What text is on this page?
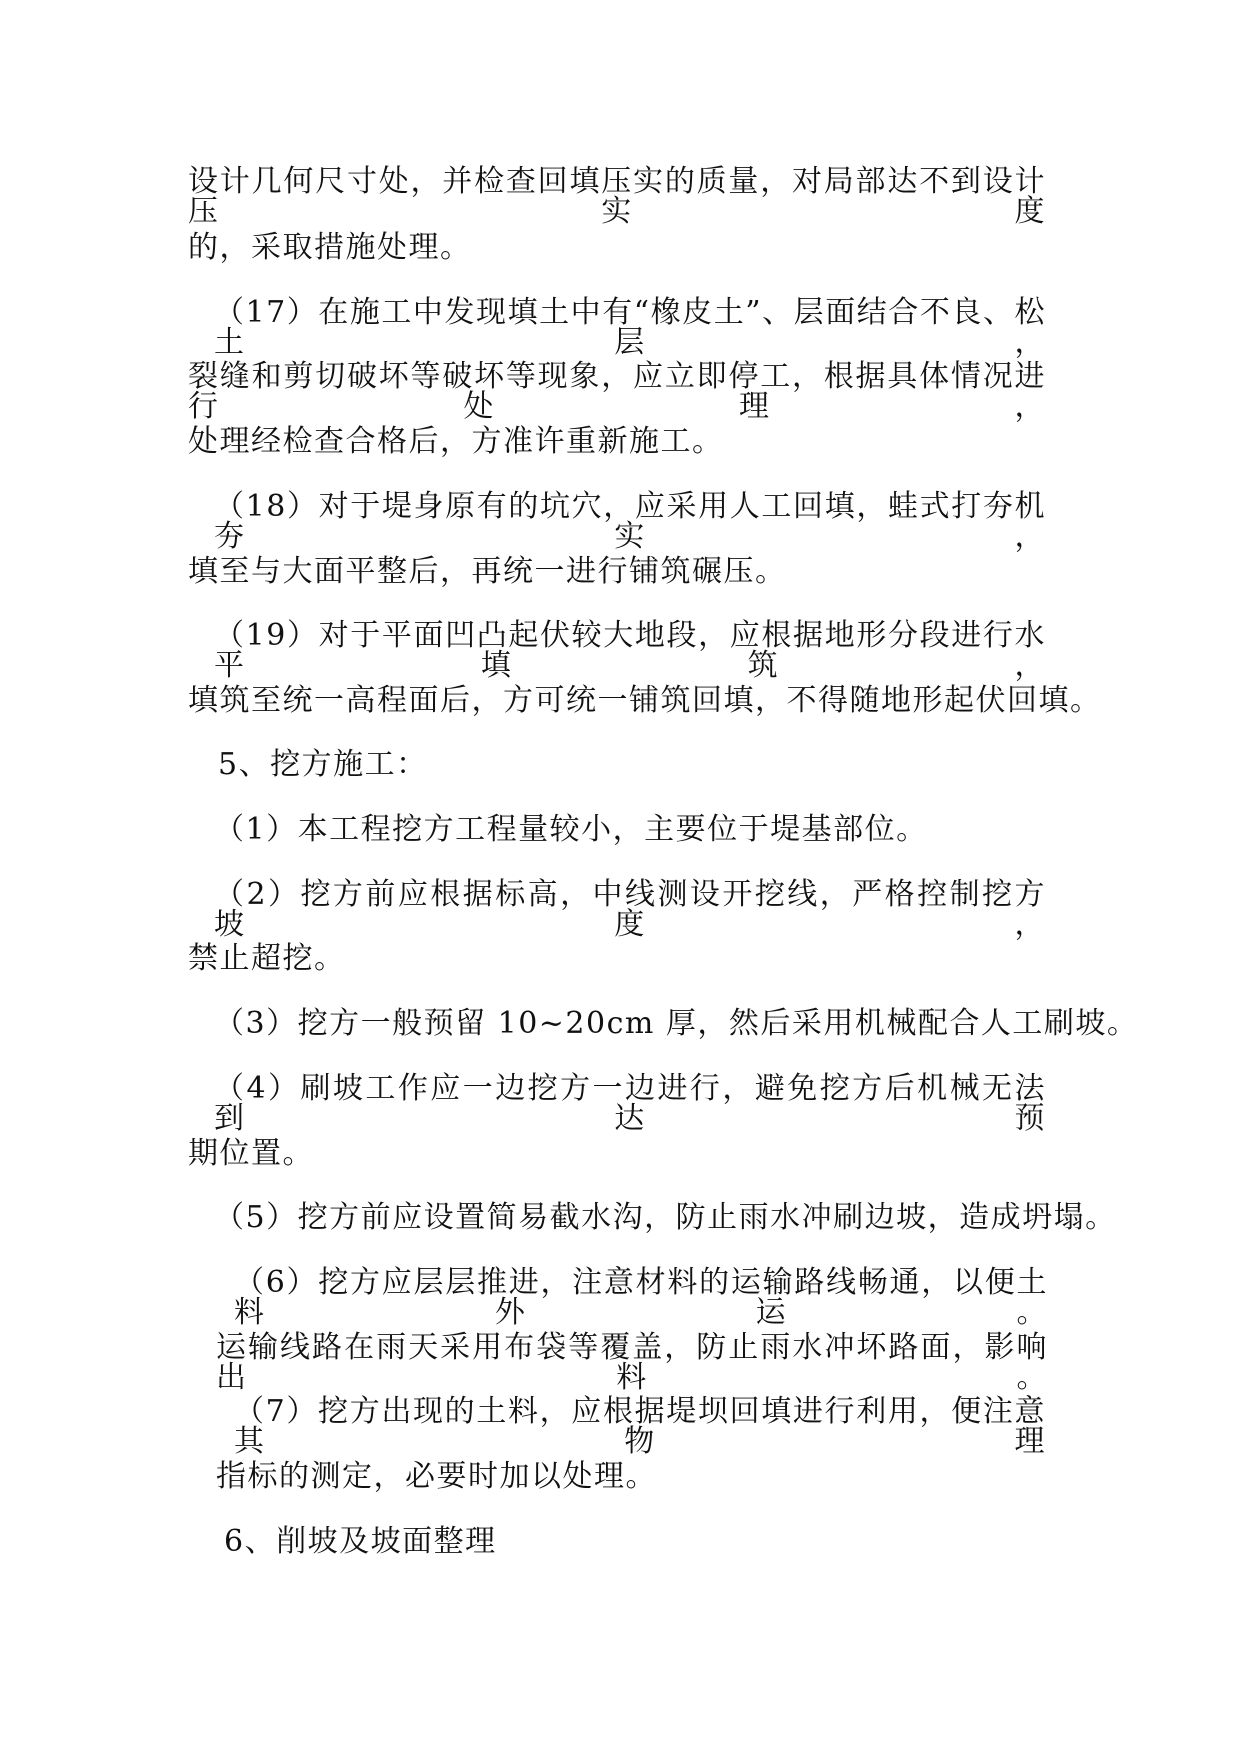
设计几何尺寸处，并检查回填压实的质量，对局部达不到设计压实度
的，采取措施处理。
（17）在施工中发现填土中有“橡皮土”、层面结合不良、松土层，
裂缝和剪切破坏等破坏等现象，应立即停工，根据具体情况进行处理，
处理经检查合格后，方准许重新施工。
（18）对于堤身原有的坑穴，应采用人工回填，蛙式打夯机夯实，
填至与大面平整后，再统一进行铺筑碾压。
（19）对于平面凹凸起伏较大地段，应根据地形分段进行水平填筑，
填筑至统一高程面后，方可统一铺筑回填，不得随地形起伏回填。
5、挖方施工：
（1）本工程挖方工程量较小，主要位于堤基部位。
（2）挖方前应根据标高，中线测设开挖线，严格控制挖方坡度，
禁止超挖。
（3）挖方一般预留 10~20cm 厚，然后采用机械配合人工刷坡。
（4）刷坡工作应一边挖方一边进行，避免挖方后机械无法到达预
期位置。
（5）挖方前应设置简易截水沟，防止雨水冲刷边坡，造成坍塌。
（6）挖方应层层推进，注意材料的运输路线畅通，以便土料外运。
运输线路在雨天采用布袋等覆盖，防止雨水冲坏路面，影响出料。
（7）挖方出现的土料，应根据堤坝回填进行利用，便注意其物理
指标的测定，必要时加以处理。
6、削坡及坡面整理
